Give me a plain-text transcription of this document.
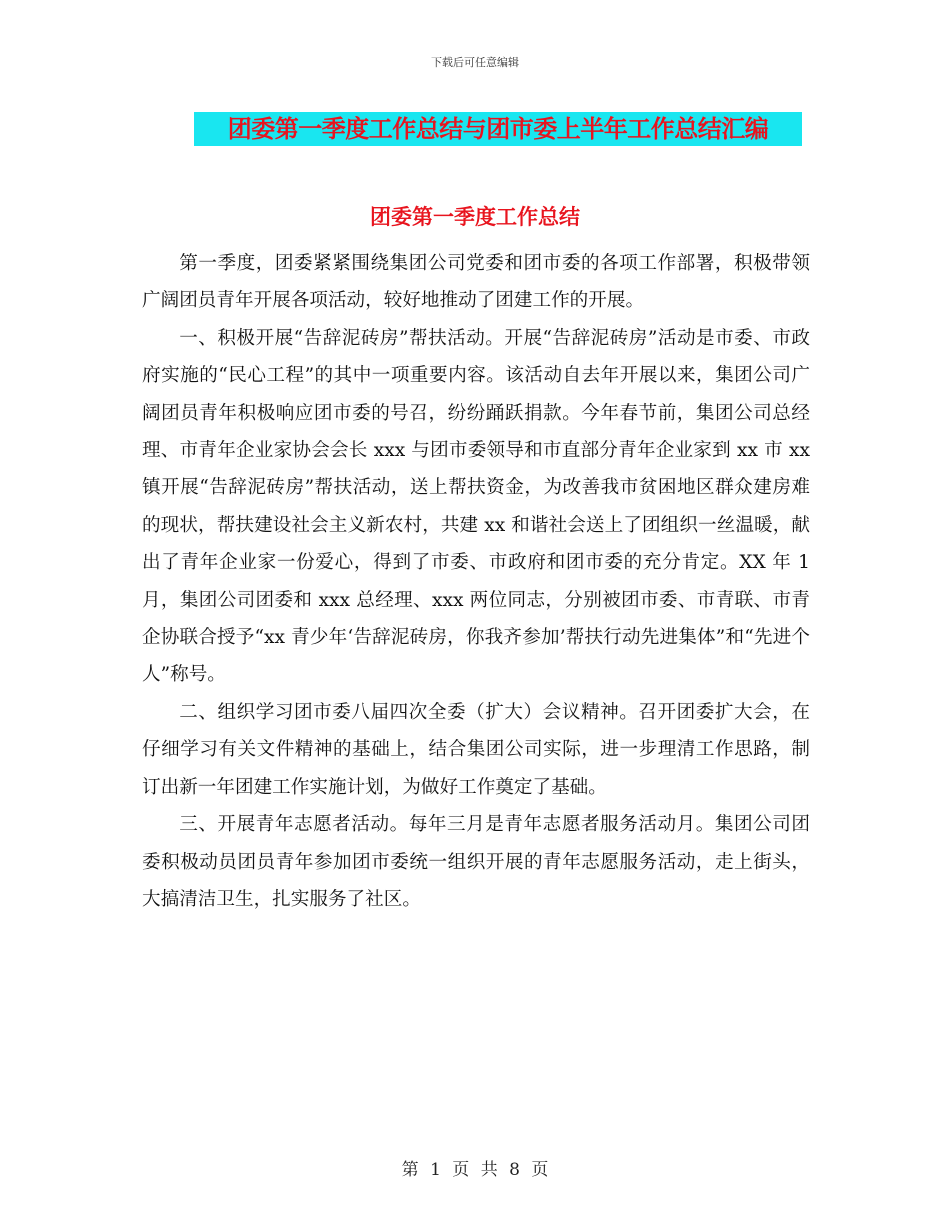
下载后可任意编辑
团委第一季度工作总结与团市委上半年工作总结汇编
团委第一季度工作总结

第一季度，团委紧紧围绕集团公司党委和团市委的各项工作部署，积极带领广阔团员青年开展各项活动，较好地推动了团建工作的开展。

一、积极开展“告辞泥砖房”帮扶活动。开展“告辞泥砖房”活动是市委、市政府实施的“民心工程”的其中一项重要内容。该活动自去年开展以来，集团公司广阔团员青年积极响应团市委的号召，纷纷踊跃捐款。今年春节前，集团公司总经理、市青年企业家协会会长 xxx 与团市委领导和市直部分青年企业家到 xx 市 xx 镇开展“告辞泥砖房”帮扶活动，送上帮扶资金，为改善我市贫困地区群众建房难的现状，帮扶建设社会主义新农村，共建 xx 和谐社会送上了团组织一丝温暖，献出了青年企业家一份爱心，得到了市委、市政府和团市委的充分肯定。XX 年 1 月，集团公司团委和 xxx 总经理、xxx 两位同志，分别被团市委、市青联、市青企协联合授予“xx 青少年‘告辞泥砖房，你我齐参加’帮扶行动先进集体”和“先进个人”称号。

二、组织学习团市委八届四次全委（扩大）会议精神。召开团委扩大会，在仔细学习有关文件精神的基础上，结合集团公司实际，进一步理清工作思路，制订出新一年团建工作实施计划，为做好工作奠定了基础。

三、开展青年志愿者活动。每年三月是青年志愿者服务活动月。集团公司团委积极动员团员青年参加团市委统一组织开展的青年志愿服务活动，走上街头，大搞清洁卫生，扎实服务了社区。

第 1 页 共 8 页
